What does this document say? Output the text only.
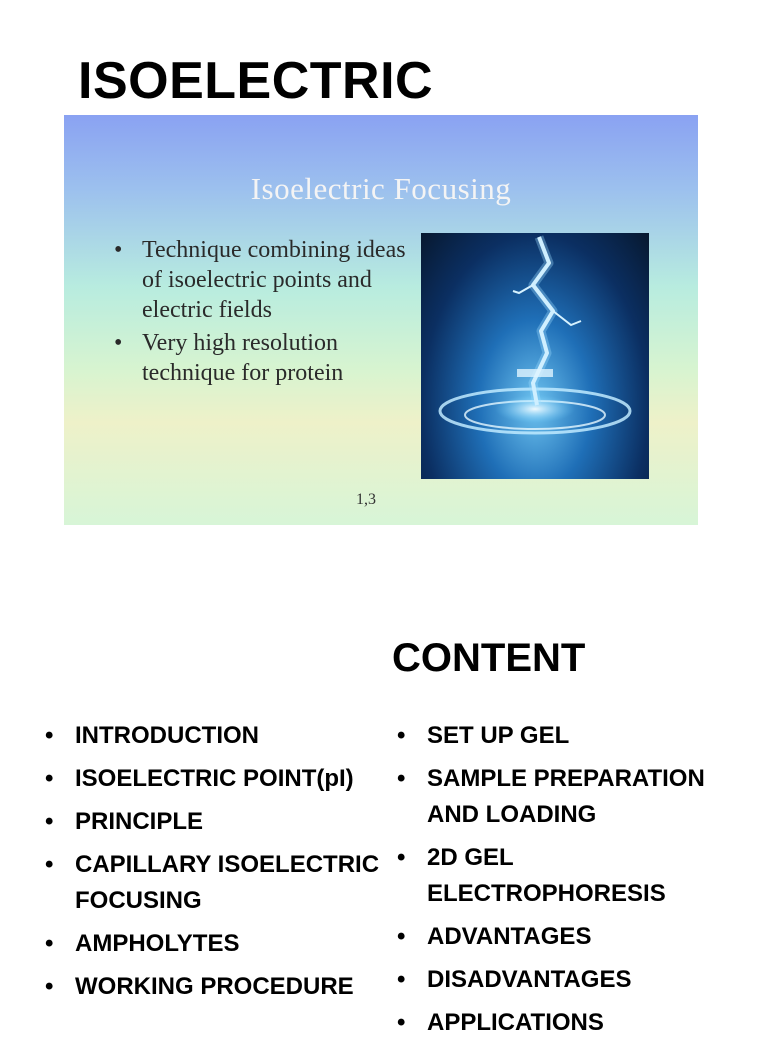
ISOELECTRIC
Isoelectric Focusing
• Technique combining ideas of isoelectric points and electric fields
• Very high resolution technique for protein
1,3
CONTENT
• INTRODUCTION
• ISOELECTRIC POINT(pI)
• PRINCIPLE
• CAPILLARY ISOELECTRIC FOCUSING
• AMPHOLYTES
• WORKING PROCEDURE
• SET UP GEL
• SAMPLE PREPARATION AND LOADING
• 2D GEL ELECTROPHORESIS
• ADVANTAGES
• DISADVANTAGES
• APPLICATIONS
